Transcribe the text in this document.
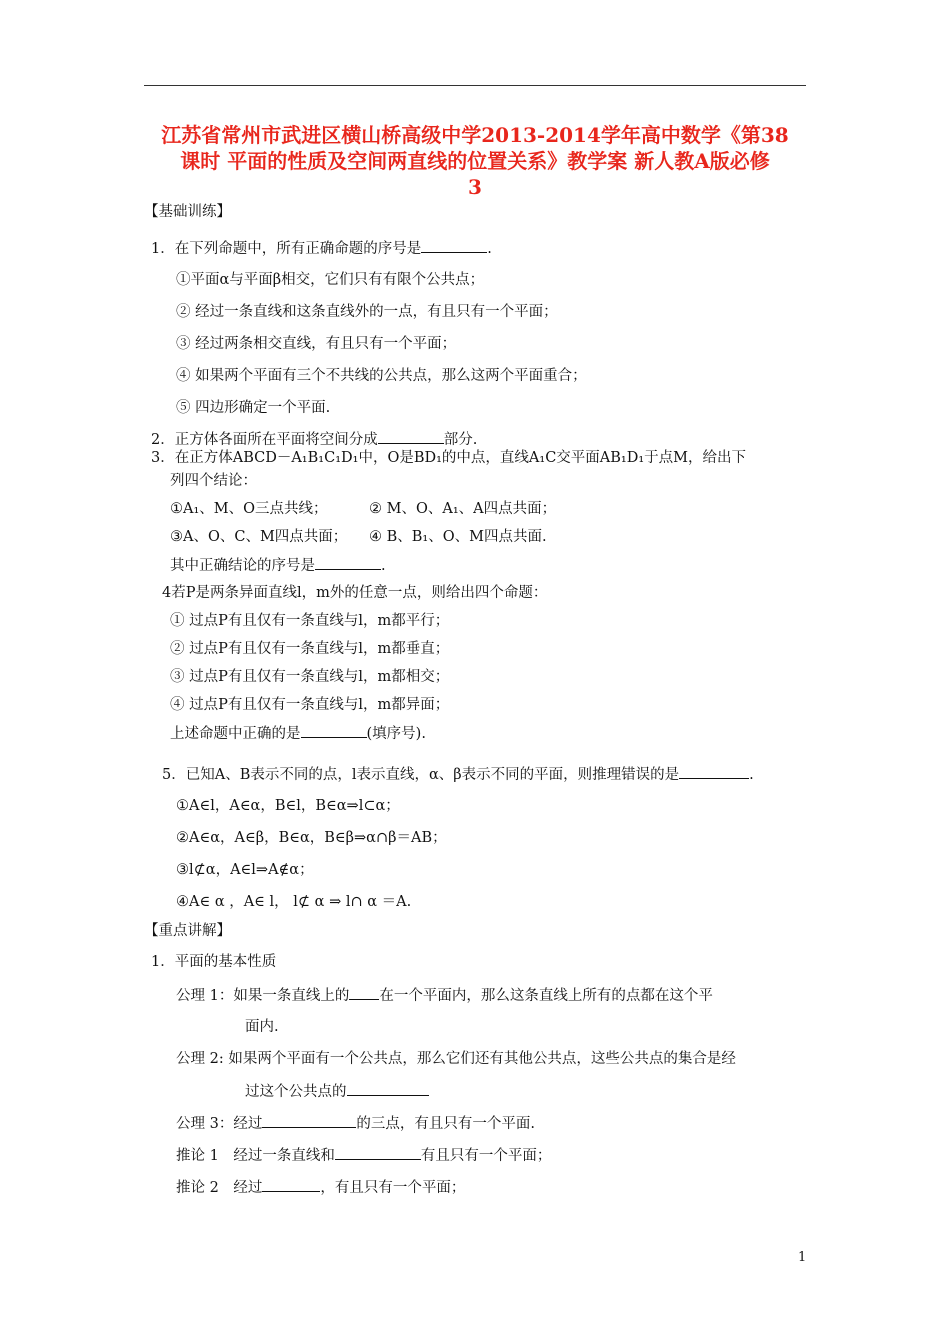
江苏省常州市武进区横山桥高级中学2013-2014学年高中数学《第38
课时 平面的性质及空间两直线的位置关系》教学案 新人教A版必修
3
【基础训练】
1．在下列命题中，所有正确命题的序号是	.
①平面α与平面β相交，它们只有有限个公共点；
② 经过一条直线和这条直线外的一点，有且只有一个平面；
③ 经过两条相交直线，有且只有一个平面；
④ 如果两个平面有三个不共线的公共点，那么这两个平面重合；
⑤ 四边形确定一个平面.
2．正方体各面所在平面将空间分成	部分.
3．在正方体ABCD－A₁B₁C₁D₁中，O是BD₁的中点，直线A₁C交平面AB₁D₁于点M，给出下
列四个结论：
①A₁、M、O三点共线；	② M、O、A₁、A四点共面；
③A、O、C、M四点共面； ④ B、B₁、O、M四点共面.
其中正确结论的序号是	.
4若P是两条异面直线l，m外的任意一点，则给出四个命题：
① 过点P有且仅有一条直线与l，m都平行；
② 过点P有且仅有一条直线与l，m都垂直；
③ 过点P有且仅有一条直线与l，m都相交；
④ 过点P有且仅有一条直线与l，m都异面；
上述命题中正确的是	(填序号).
5．已知A、B表示不同的点，l表示直线，α、β表示不同的平面，则推理错误的是	.
①A∈l，A∈α，B∈l，B∈α⇒l⊂α；
②A∈α，A∈β，B∈α，B∈β⇒α∩β＝AB；
③l⊄α，A∈l⇒A∉α；
④A∈ α ，A∈ l， l⊄ α ⇒ l∩ α ＝A.
【重点讲解】
1．平面的基本性质
公理 1：如果一条直线上的 在一个平面内，那么这条直线上所有的点都在这个平
面内.
公理 2: 如果两个平面有一个公共点，那么它们还有其他公共点，这些公共点的集合是经
过这个公共点的
公理 3：经过	的三点，有且只有一个平面.
推论 1　经过一条直线和	有且只有一个平面；
推论 2　经过	，有且只有一个平面；
1
